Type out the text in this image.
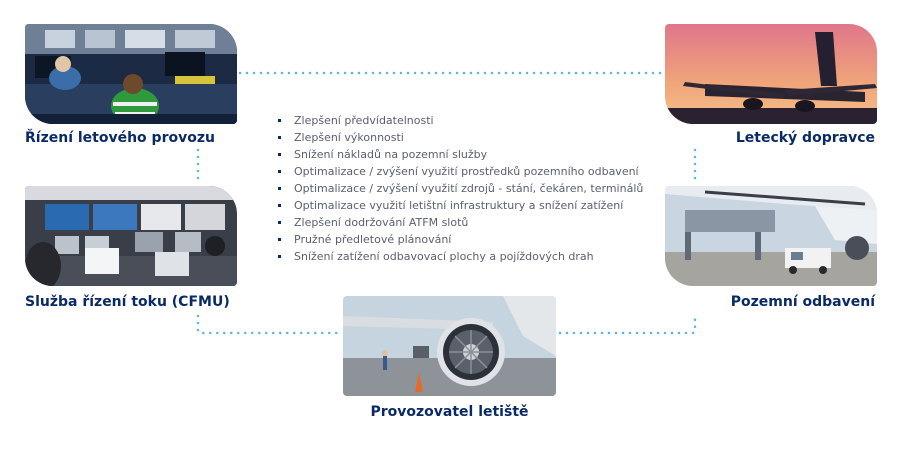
Řízení letového provozu
Služba řízení toku (CFMU)
Letecký dopravce
Pozemní odbavení
Provozovatel letiště
Zlepšení předvídatelnosti
Zlepšení výkonnosti
Snížení nákladů na pozemní služby
Optimalizace / zvýšení využití prostředků pozemního odbavení
Optimalizace / zvýšení využití zdrojů - stání, čekáren, terminálů
Optimalizace využití letištní infrastruktury a snížení zatížení
Zlepšení dodržování ATFM slotů
Pružné předletové plánování
Snížení zatížení odbavovací plochy a pojíždových drah
